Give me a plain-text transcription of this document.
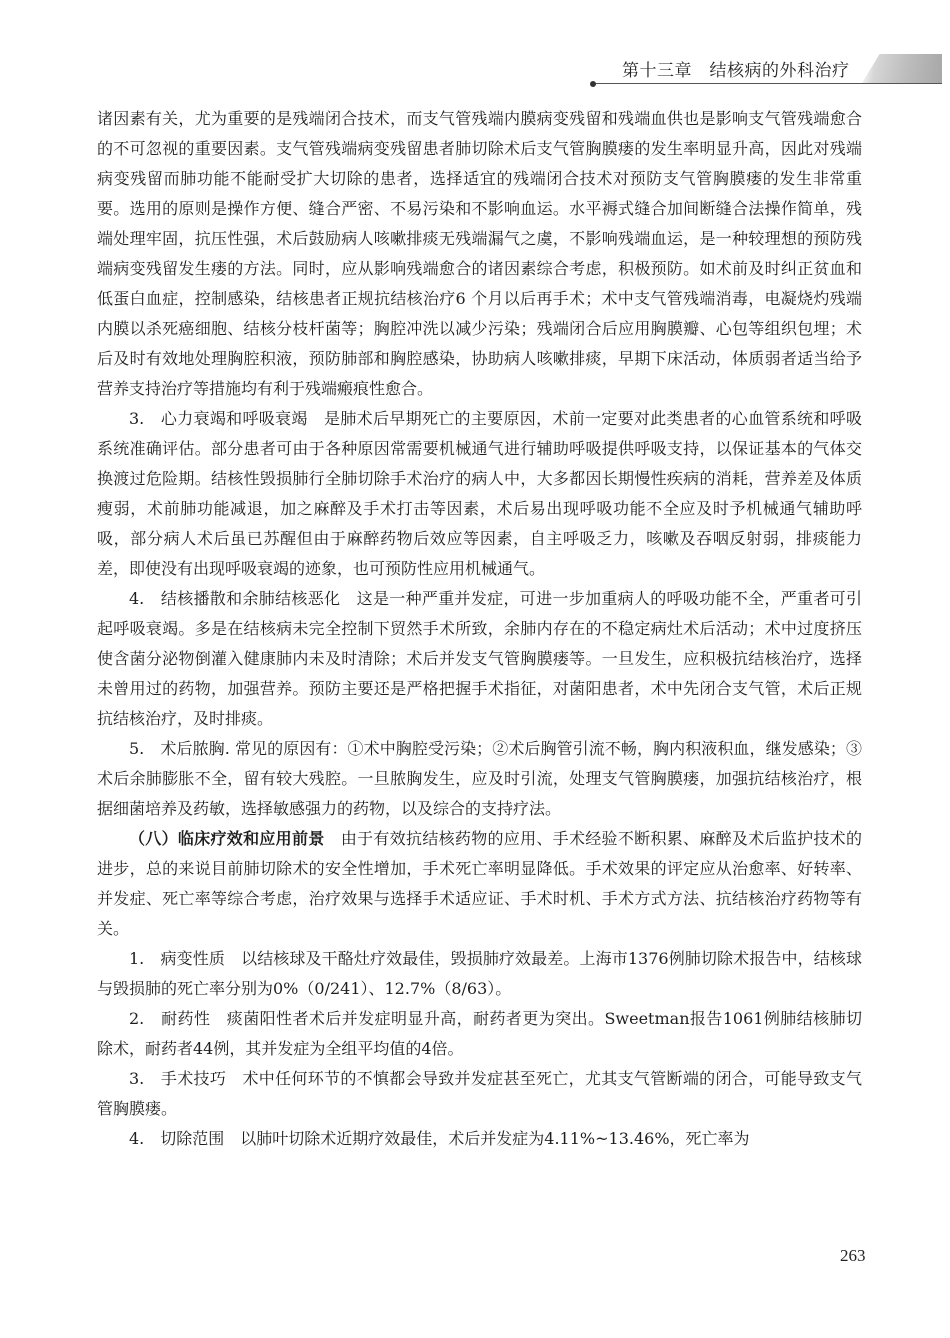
第十三章　结核病的外科治疗

诸因素有关，尤为重要的是残端闭合技术，而支气管残端内膜病变残留和残端血供也是影响支气管残端愈合的不可忽视的重要因素。支气管残端病变残留患者肺切除术后支气管胸膜瘘的发生率明显升高，因此对残端病变残留而肺功能不能耐受扩大切除的患者，选择适宜的残端闭合技术对预防支气管胸膜瘘的发生非常重要。选用的原则是操作方便、缝合严密、不易污染和不影响血运。水平褥式缝合加间断缝合法操作简单，残端处理牢固，抗压性强，术后鼓励病人咳嗽排痰无残端漏气之虞，不影响残端血运，是一种较理想的预防残端病变残留发生瘘的方法。同时，应从影响残端愈合的诸因素综合考虑，积极预防。如术前及时纠正贫血和低蛋白血症，控制感染，结核患者正规抗结核治疗6 个月以后再手术；术中支气管残端消毒，电凝烧灼残端内膜以杀死癌细胞、结核分枝杆菌等；胸腔冲洗以减少污染；残端闭合后应用胸膜瓣、心包等组织包埋；术后及时有效地处理胸腔积液，预防肺部和胸腔感染，协助病人咳嗽排痰，早期下床活动，体质弱者适当给予营养支持治疗等措施均有利于残端瘢痕性愈合。

3.　心力衰竭和呼吸衰竭　是肺术后早期死亡的主要原因，术前一定要对此类患者的心血管系统和呼吸系统准确评估。部分患者可由于各种原因常需要机械通气进行辅助呼吸提供呼吸支持，以保证基本的气体交换渡过危险期。结核性毁损肺行全肺切除手术治疗的病人中，大多都因长期慢性疾病的消耗，营养差及体质瘦弱，术前肺功能减退，加之麻醉及手术打击等因素，术后易出现呼吸功能不全应及时予机械通气辅助呼吸，部分病人术后虽已苏醒但由于麻醉药物后效应等因素，自主呼吸乏力，咳嗽及吞咽反射弱，排痰能力差，即使没有出现呼吸衰竭的迹象，也可预防性应用机械通气。

4.　结核播散和余肺结核恶化　这是一种严重并发症，可进一步加重病人的呼吸功能不全，严重者可引起呼吸衰竭。多是在结核病未完全控制下贸然手术所致，余肺内存在的不稳定病灶术后活动；术中过度挤压使含菌分泌物倒灌入健康肺内未及时清除；术后并发支气管胸膜瘘等。一旦发生，应积极抗结核治疗，选择未曾用过的药物，加强营养。预防主要还是严格把握手术指征，对菌阳患者，术中先闭合支气管，术后正规抗结核治疗，及时排痰。

5.　术后脓胸. 常见的原因有：①术中胸腔受污染；②术后胸管引流不畅，胸内积液积血，继发感染；③术后余肺膨胀不全，留有较大残腔。一旦脓胸发生，应及时引流，处理支气管胸膜瘘，加强抗结核治疗，根据细菌培养及药敏，选择敏感强力的药物，以及综合的支持疗法。

（八）临床疗效和应用前景　由于有效抗结核药物的应用、手术经验不断积累、麻醉及术后监护技术的进步，总的来说目前肺切除术的安全性增加，手术死亡率明显降低。手术效果的评定应从治愈率、好转率、并发症、死亡率等综合考虑，治疗效果与选择手术适应证、手术时机、手术方式方法、抗结核治疗药物等有关。

1.　病变性质　以结核球及干酪灶疗效最佳，毁损肺疗效最差。上海市1376例肺切除术报告中，结核球与毁损肺的死亡率分别为0%（0/241）、12.7%（8/63）。

2.　耐药性　痰菌阳性者术后并发症明显升高，耐药者更为突出。Sweetman报告1061例肺结核肺切除术，耐药者44例，其并发症为全组平均值的4倍。

3.　手术技巧　术中任何环节的不慎都会导致并发症甚至死亡，尤其支气管断端的闭合，可能导致支气管胸膜瘘。

4.　切除范围　以肺叶切除术近期疗效最佳，术后并发症为4.11%~13.46%，死亡率为

263
